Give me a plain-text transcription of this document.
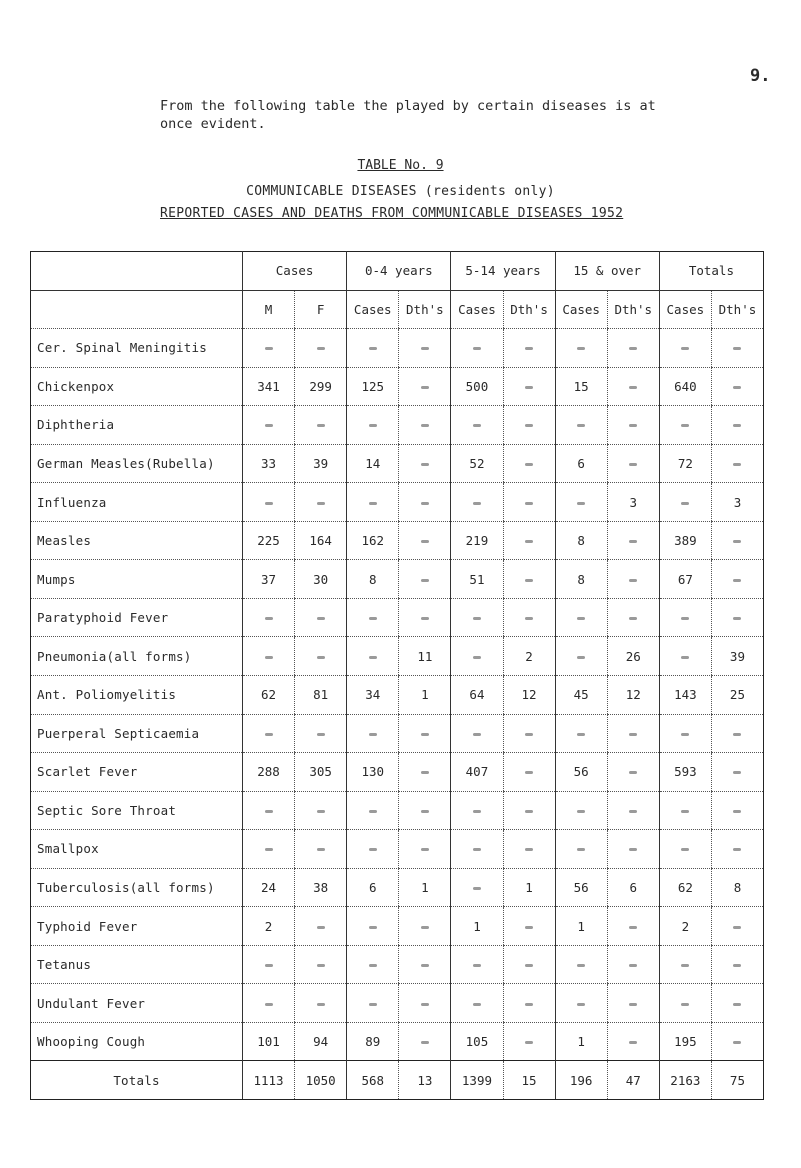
9.
From the following table the played by certain diseases is at once evident.
TABLE No. 9
COMMUNICABLE DISEASES (residents only)
REPORTED CASES AND DEATHS FROM COMMUNICABLE DISEASES 1952
	Cases		0-4 years		5-14 years		15 & over		Totals	
	M	F	Cases	Dth's	Cases	Dth's	Cases	Dth's	Cases	Dth's
Cer. Spinal Meningitis										
Chickenpox	341	299	125		500		15		640	
Diphtheria										
German Measles(Rubella)	33	39	14		52		6		72	
Influenza								3		3
Measles	225	164	162		219		8		389	
Mumps	37	30	8		51		8		67	
Paratyphoid Fever										
Pneumonia(all forms)				11		2		26		39
Ant. Poliomyelitis	62	81	34	1	64	12	45	12	143	25
Puerperal Septicaemia										
Scarlet Fever	288	305	130		407		56		593	
Septic Sore Throat										
Smallpox										
Tuberculosis(all forms)	24	38	6	1		1	56	6	62	8
Typhoid Fever	2				1		1		2	
Tetanus										
Undulant Fever										
Whooping Cough	101	94	89		105		1		195	
Totals	1113	1050	568	13	1399	15	196	47	2163	75
